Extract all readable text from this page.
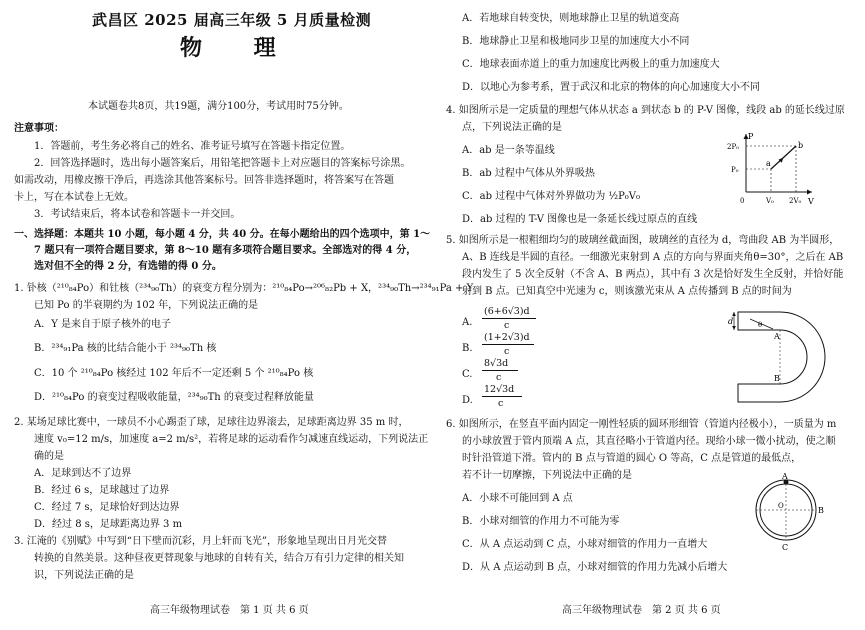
武昌区 2025 届高三年级 5 月质量检测
物 理
本试题卷共8页，共19题，满分100分，考试用时75分钟。
注意事项：
1．答题前，考生务必将自己的姓名、准考证号填写在答题卡指定位置。
2．回答选择题时，选出每小题答案后，用铅笔把答题卡上对应题目的答案标号涂黑。
如需改动，用橡皮擦干净后，再选涂其他答案标号。回答非选择题时，将答案写在答题
卡上，写在本试卷上无效。
3．考试结束后，将本试卷和答题卡一并交回。
一、选择题：本题共 10 小题，每小题 4 分，共 40 分。在每小题给出的四个选项中，第 1～
7 题只有一项符合题目要求，第 8～10 题有多项符合题目要求。全部选对的得 4 分，
选对但不全的得 2 分，有选错的得 0 分。
1. 钋核（²¹⁰₈₄Po）和钍核（²³⁴₉₀Th）的衰变方程分别为：²¹⁰₈₄Po→²⁰⁶₈₂Pb + X，²³⁴₉₀Th→²³⁴₉₁Pa + Y
已知 Po 的半衰期约为 102 年，下列说法正确的是
A．Y 是来自于原子核外的电子
B．²³⁴₉₁Pa 核的比结合能小于 ²³⁴₉₀Th 核
C．10 个 ²¹⁰₈₄Po 核经过 102 年后不一定还剩 5 个 ²¹⁰₈₄Po 核
D．²¹⁰₈₄Po 的衰变过程吸收能量，²³⁴₉₀Th 的衰变过程释放能量
2. 某场足球比赛中，一球员不小心踢歪了球，足球往边界滚去，足球距离边界 35 m 时，
速度 v₀=12 m/s，加速度 a=2 m/s²，若将足球的运动看作匀减速直线运动，下列说法正
确的是
A．足球到达不了边界
B．经过 6 s，足球越过了边界
C．经过 7 s，足球恰好到达边界
D．经过 8 s，足球距离边界 3 m
3. 江淹的《别赋》中写到“日下壁而沉彩，月上轩而飞光”，形象地呈现出日月光交替
转换的自然美景。这种昼夜更替现象与地球的自转有关，结合万有引力定律的相关知
识，下列说法正确的是
高三年级物理试卷　第 1 页 共 6 页
A．若地球自转变快，则地球静止卫星的轨道变高
B．地球静止卫星和极地同步卫星的加速度大小不同
C．地球表面赤道上的重力加速度比两极上的重力加速度大
D．以地心为参考系，置于武汉和北京的物体的向心加速度大小不同
4. 如图所示是一定质量的理想气体从状态 a 到状态 b 的 P-V 图像，线段 ab 的延长线过原
点，下列说法正确的是
A．ab 是一条等温线
B．ab 过程中气体从外界吸热
C．ab 过程中气体对外界做功为 ½P₀V₀
D．ab 过程的 T-V 图像也是一条延长线过原点的直线
P
V
2P₀
P₀
0	V₀ 2V₀
a
b
5. 如图所示是一根粗细均匀的玻璃丝截面图，玻璃丝的直径为 d，弯曲段 AB 为半圆形，
A、B 连线是半圆的直径。一细激光束射到 A 点的方向与界面夹角θ=30°，之后在 AB
段内发生了 5 次全反射（不含 A、B 两点），其中有 3 次是恰好发生全反射，并恰好能
射到 B 点。已知真空中光速为 c，则该激光束从 A 点传播到 B 点的时间为
A.
(6+6√3)d
c
B.
(1+2√3)d
c
C.
8√3d
c
D.
12√3d
c
d	θ
A
B
6. 如图所示，在竖直平面内固定一刚性轻质的圆环形细管（管道内径极小），一质量为 m
的小球放置于管内顶端 A 点，其直径略小于管道内径。现给小球一微小扰动，使之顺
时针沿管道下滑。管内的 B 点与管道的圆心 O 等高，C 点是管道的最低点，
若不计一切摩擦，下列说法中正确的是
A．小球不可能回到 A 点
B．小球对细管的作用力不可能为零
C．从 A 点运动到 C 点，小球对细管的作用力一直增大
D．从 A 点运动到 B 点，小球对细管的作用力先减小后增大
A
B
C
O
高三年级物理试卷　第 2 页 共 6 页
